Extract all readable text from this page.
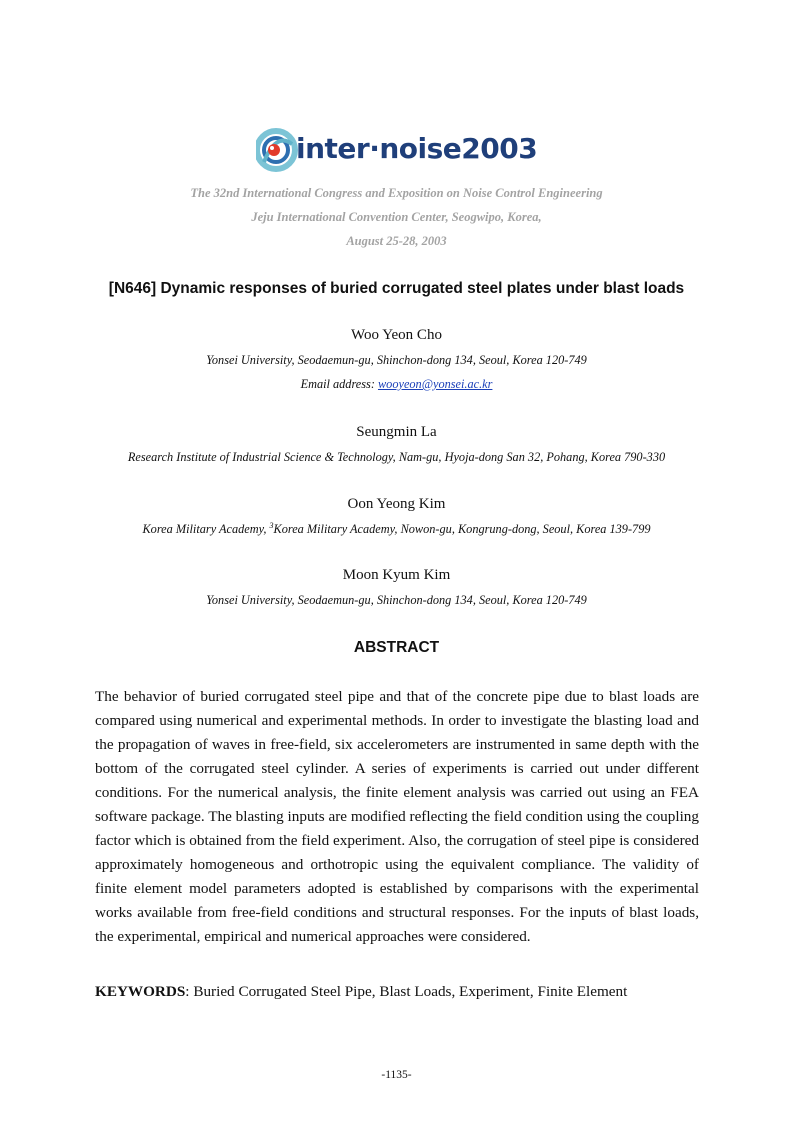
inter·noise2003
The 32nd International Congress and Exposition on Noise Control Engineering
Jeju International Convention Center, Seogwipo, Korea,
August 25-28, 2003
[N646] Dynamic responses of buried corrugated steel plates under blast loads
Woo Yeon Cho
Yonsei University, Seodaemun-gu, Shinchon-dong 134, Seoul, Korea 120-749
Email address: wooyeon@yonsei.ac.kr
Seungmin La
Research Institute of Industrial Science & Technology, Nam-gu, Hyoja-dong San 32, Pohang, Korea 790-330
Oon Yeong Kim
Korea Military Academy, $^3$Korea Military Academy, Nowon-gu, Kongrung-dong, Seoul, Korea 139-799
Moon Kyum Kim
Yonsei University, Seodaemun-gu, Shinchon-dong 134, Seoul, Korea 120-749
ABSTRACT
The behavior of buried corrugated steel pipe and that of the concrete pipe due to blast loads are compared using numerical and experimental methods. In order to investigate the blasting load and the propagation of waves in free-field, six accelerometers are instrumented in same depth with the bottom of the corrugated steel cylinder. A series of experiments is carried out under different conditions. For the numerical analysis, the finite element analysis was carried out using an FEA software package. The blasting inputs are modified reflecting the field condition using the coupling factor which is obtained from the field experiment. Also, the corrugation of steel pipe is considered approximately homogeneous and orthotropic using the equivalent compliance. The validity of finite element model parameters adopted is established by comparisons with the experimental works available from free-field conditions and structural responses. For the inputs of blast loads, the experimental, empirical and numerical approaches were considered.
KEYWORDS: Buried Corrugated Steel Pipe, Blast Loads, Experiment, Finite Element
-1135-
